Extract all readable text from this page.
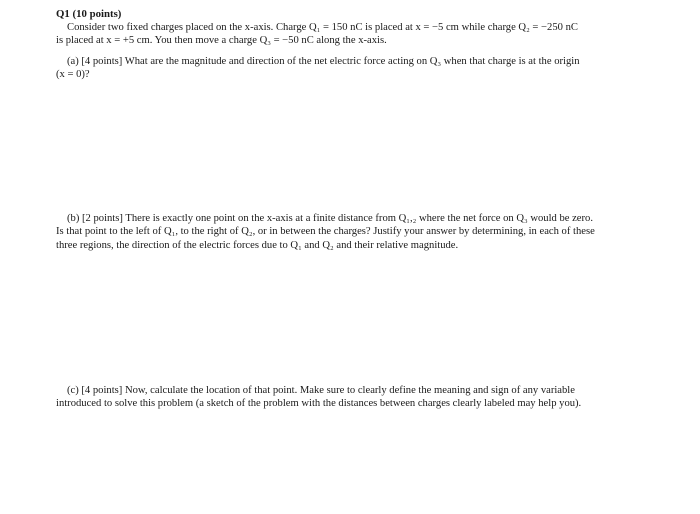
Q1 (10 points)
Consider two fixed charges placed on the x-axis. Charge Q₁ = 150 nC is placed at x = −5 cm while charge Q₂ = −250 nC
is placed at x = +5 cm. You then move a charge Q₃ = −50 nC along the x-axis.
(a) [4 points] What are the magnitude and direction of the net electric force acting on Q₃ when that charge is at the origin
(x = 0)?
(b) [2 points] There is exactly one point on the x-axis at a finite distance from Q₁,₂ where the net force on Q₃ would be zero.
Is that point to the left of Q₁, to the right of Q₂, or in between the charges? Justify your answer by determining, in each of these
three regions, the direction of the electric forces due to Q₁ and Q₂ and their relative magnitude.
(c) [4 points] Now, calculate the location of that point. Make sure to clearly define the meaning and sign of any variable
introduced to solve this problem (a sketch of the problem with the distances between charges clearly labeled may help you).
